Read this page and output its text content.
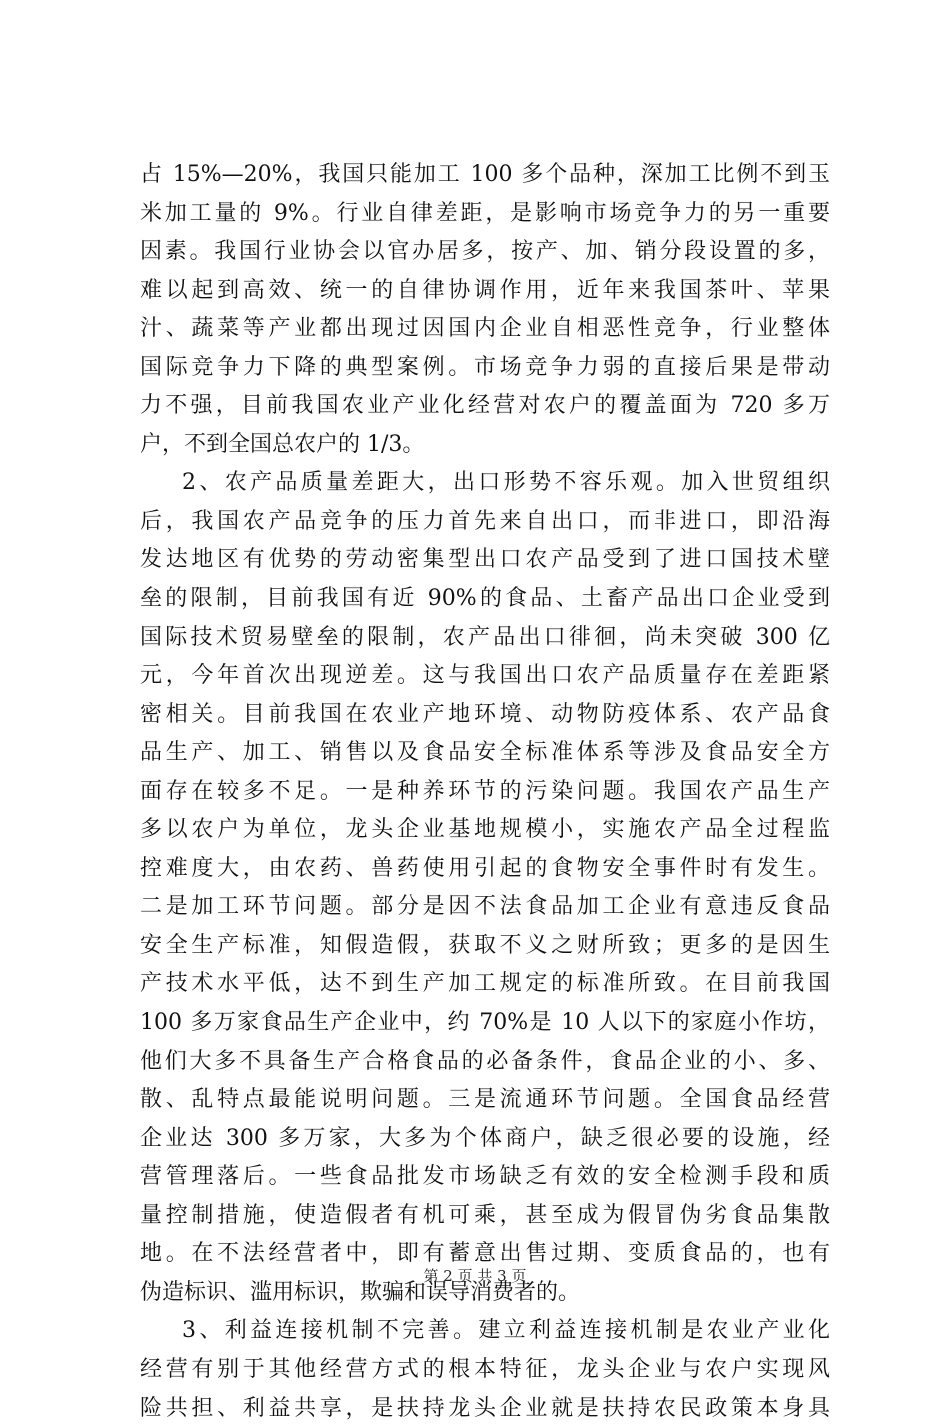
占 15%—20%，我国只能加工 100 多个品种，深加工比例不到玉
米加工量的 9%。行业自律差距，是影响市场竞争力的另一重要
因素。我国行业协会以官办居多，按产、加、销分段设置的多，
难以起到高效、统一的自律协调作用，近年来我国茶叶、苹果
汁、蔬菜等产业都出现过因国内企业自相恶性竞争，行业整体
国际竞争力下降的典型案例。市场竞争力弱的直接后果是带动
力不强，目前我国农业产业化经营对农户的覆盖面为 720 多万
户，不到全国总农户的 1/3。
2、农产品质量差距大，出口形势不容乐观。加入世贸组织
后，我国农产品竞争的压力首先来自出口，而非进口，即沿海
发达地区有优势的劳动密集型出口农产品受到了进口国技术壁
垒的限制，目前我国有近 90%的食品、土畜产品出口企业受到
国际技术贸易壁垒的限制，农产品出口徘徊，尚未突破 300 亿
元，今年首次出现逆差。这与我国出口农产品质量存在差距紧
密相关。目前我国在农业产地环境、动物防疫体系、农产品食
品生产、加工、销售以及食品安全标准体系等涉及食品安全方
面存在较多不足。一是种养环节的污染问题。我国农产品生产
多以农户为单位，龙头企业基地规模小，实施农产品全过程监
控难度大，由农药、兽药使用引起的食物安全事件时有发生。
二是加工环节问题。部分是因不法食品加工企业有意违反食品
安全生产标准，知假造假，获取不义之财所致；更多的是因生
产技术水平低，达不到生产加工规定的标准所致。在目前我国
100 多万家食品生产企业中，约 70%是 10 人以下的家庭小作坊，
他们大多不具备生产合格食品的必备条件，食品企业的小、多、
散、乱特点最能说明问题。三是流通环节问题。全国食品经营
企业达 300 多万家，大多为个体商户，缺乏很必要的设施，经
营管理落后。一些食品批发市场缺乏有效的安全检测手段和质
量控制措施，使造假者有机可乘，甚至成为假冒伪劣食品集散
地。在不法经营者中，即有蓄意出售过期、变质食品的，也有
伪造标识、滥用标识，欺骗和误导消费者的。
3、利益连接机制不完善。建立利益连接机制是农业产业化
经营有别于其他经营方式的根本特征，龙头企业与农户实现风
险共担、利益共享，是扶持龙头企业就是扶持农民政策本身具
第 2 页 共 3 页
